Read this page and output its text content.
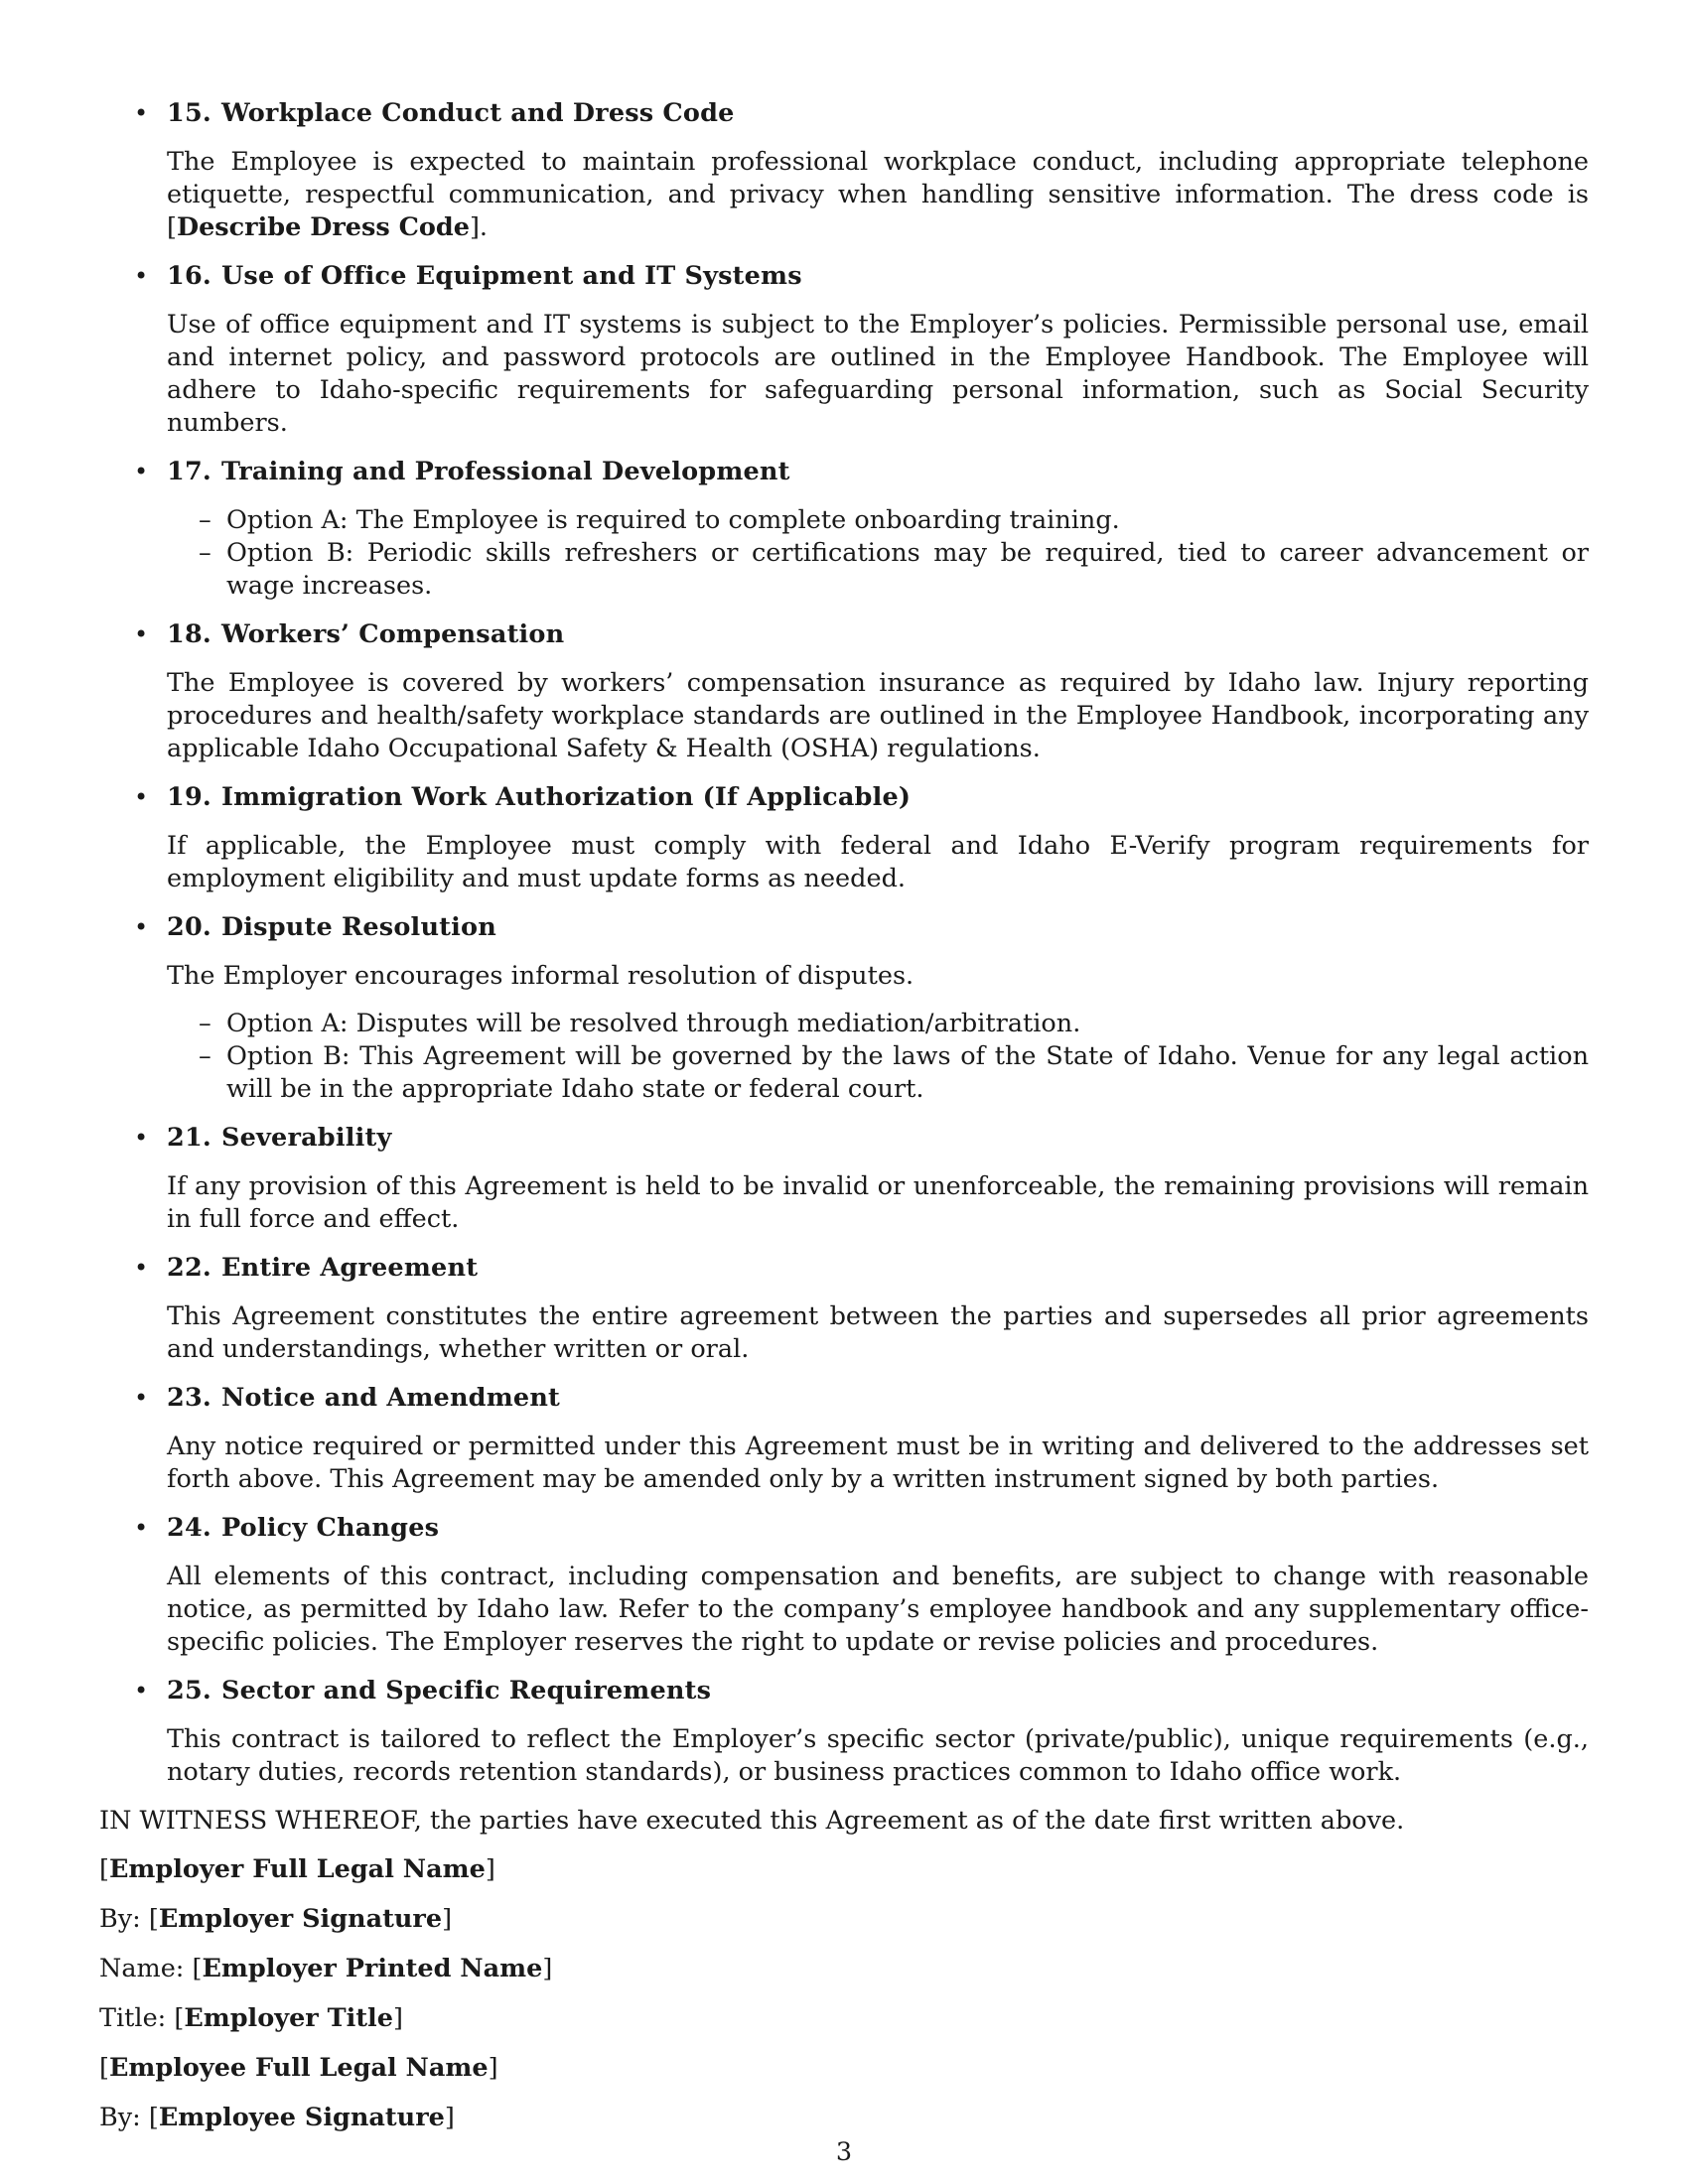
• 15. Workplace Conduct and Dress Code

The Employee is expected to maintain professional workplace conduct, including appropriate telephone etiquette, respectful communication, and privacy when handling sensitive information. The dress code is [Describe Dress Code].

• 16. Use of Office Equipment and IT Systems

Use of office equipment and IT systems is subject to the Employer’s policies. Permissible personal use, email and internet policy, and password protocols are outlined in the Employee Handbook. The Employee will adhere to Idaho-specific requirements for safeguarding personal information, such as Social Security numbers.

• 17. Training and Professional Development

– Option A: The Employee is required to complete onboarding training.
– Option B: Periodic skills refreshers or certifications may be required, tied to career advancement or wage increases.

• 18. Workers’ Compensation

The Employee is covered by workers’ compensation insurance as required by Idaho law. Injury reporting procedures and health/safety workplace standards are outlined in the Employee Handbook, incorporating any applicable Idaho Occupational Safety & Health (OSHA) regulations.

• 19. Immigration Work Authorization (If Applicable)

If applicable, the Employee must comply with federal and Idaho E-Verify program requirements for employment eligibility and must update forms as needed.

• 20. Dispute Resolution

The Employer encourages informal resolution of disputes.

– Option A: Disputes will be resolved through mediation/arbitration.
– Option B: This Agreement will be governed by the laws of the State of Idaho. Venue for any legal action will be in the appropriate Idaho state or federal court.

• 21. Severability

If any provision of this Agreement is held to be invalid or unenforceable, the remaining provisions will remain in full force and effect.

• 22. Entire Agreement

This Agreement constitutes the entire agreement between the parties and supersedes all prior agreements and understandings, whether written or oral.

• 23. Notice and Amendment

Any notice required or permitted under this Agreement must be in writing and delivered to the addresses set forth above. This Agreement may be amended only by a written instrument signed by both parties.

• 24. Policy Changes

All elements of this contract, including compensation and benefits, are subject to change with reasonable notice, as permitted by Idaho law. Refer to the company’s employee handbook and any supplementary office-specific policies. The Employer reserves the right to update or revise policies and procedures.

• 25. Sector and Specific Requirements

This contract is tailored to reflect the Employer’s specific sector (private/public), unique requirements (e.g., notary duties, records retention standards), or business practices common to Idaho office work.

IN WITNESS WHEREOF, the parties have executed this Agreement as of the date first written above.

[Employer Full Legal Name]

By: [Employer Signature]

Name: [Employer Printed Name]

Title: [Employer Title]

[Employee Full Legal Name]

By: [Employee Signature]

3
